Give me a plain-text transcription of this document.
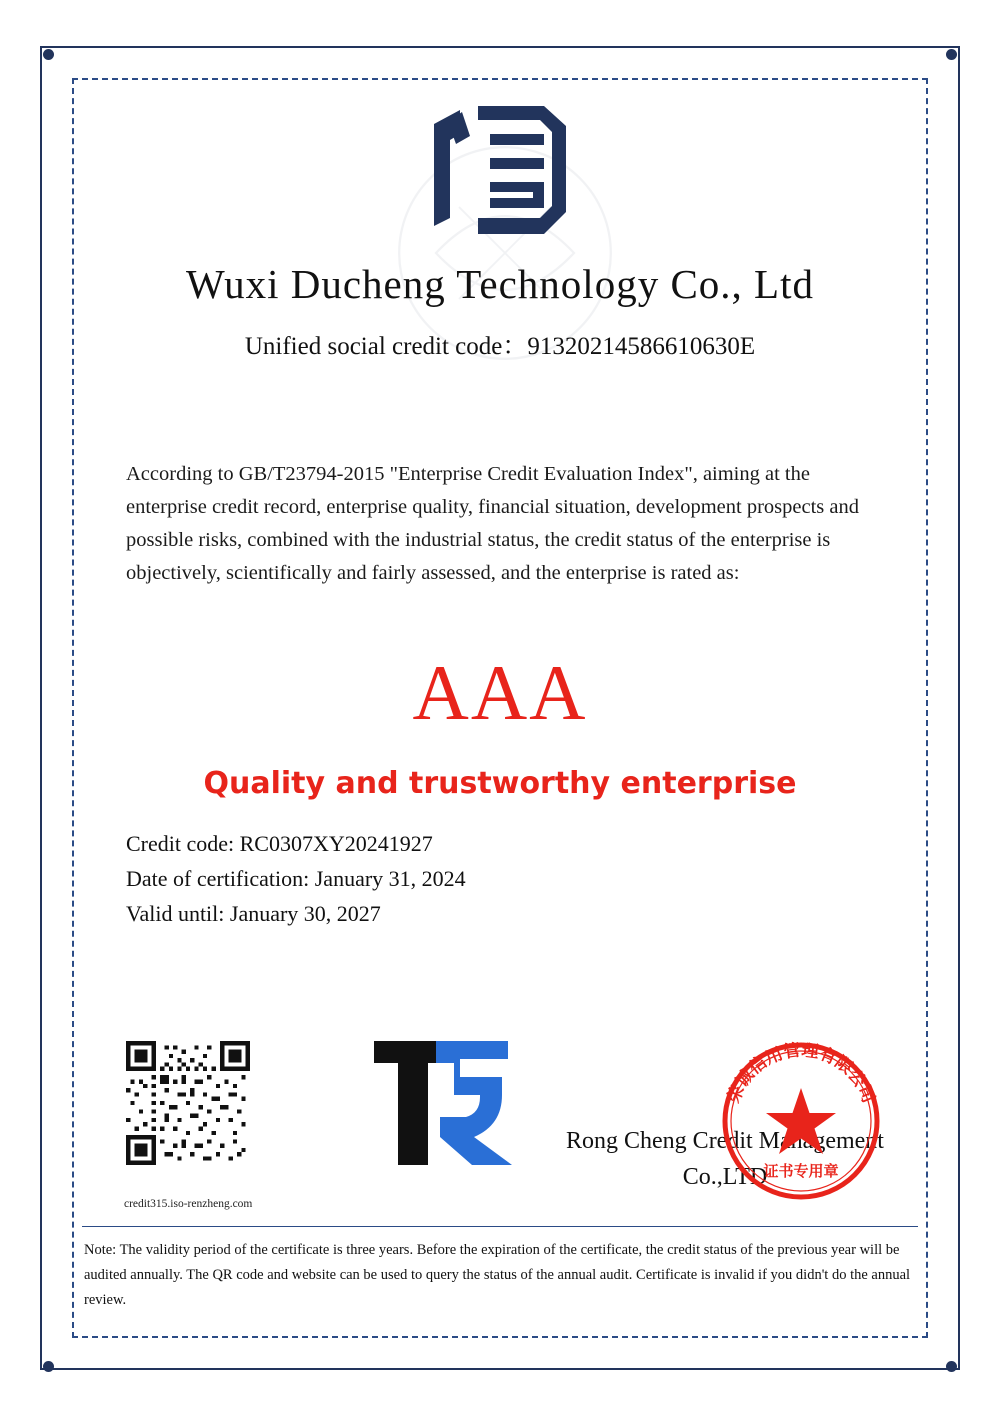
Wuxi Ducheng Technology Co., Ltd
Unified social credit code：91320214586610630E
According to GB/T23794-2015 "Enterprise Credit Evaluation Index", aiming at the enterprise credit record, enterprise quality, financial situation, development prospects and possible risks, combined with the industrial status, the credit status of the enterprise is objectively, scientifically and fairly assessed, and the enterprise is rated as:
AAA
Quality and trustworthy enterprise
Credit code: RC0307XY20241927
Date of certification: January 31, 2024
Valid until: January 30, 2027
credit315.iso-renzheng.com
Rong Cheng Credit Management
Co.,LTD
荣诚信用管理有限公司
证书专用章
Note: The validity period of the certificate is three years. Before the expiration of the certificate, the credit status of the previous year will be audited annually. The QR code and website can be used to query the status of the annual audit. Certificate is invalid if you didn't do the annual review.
